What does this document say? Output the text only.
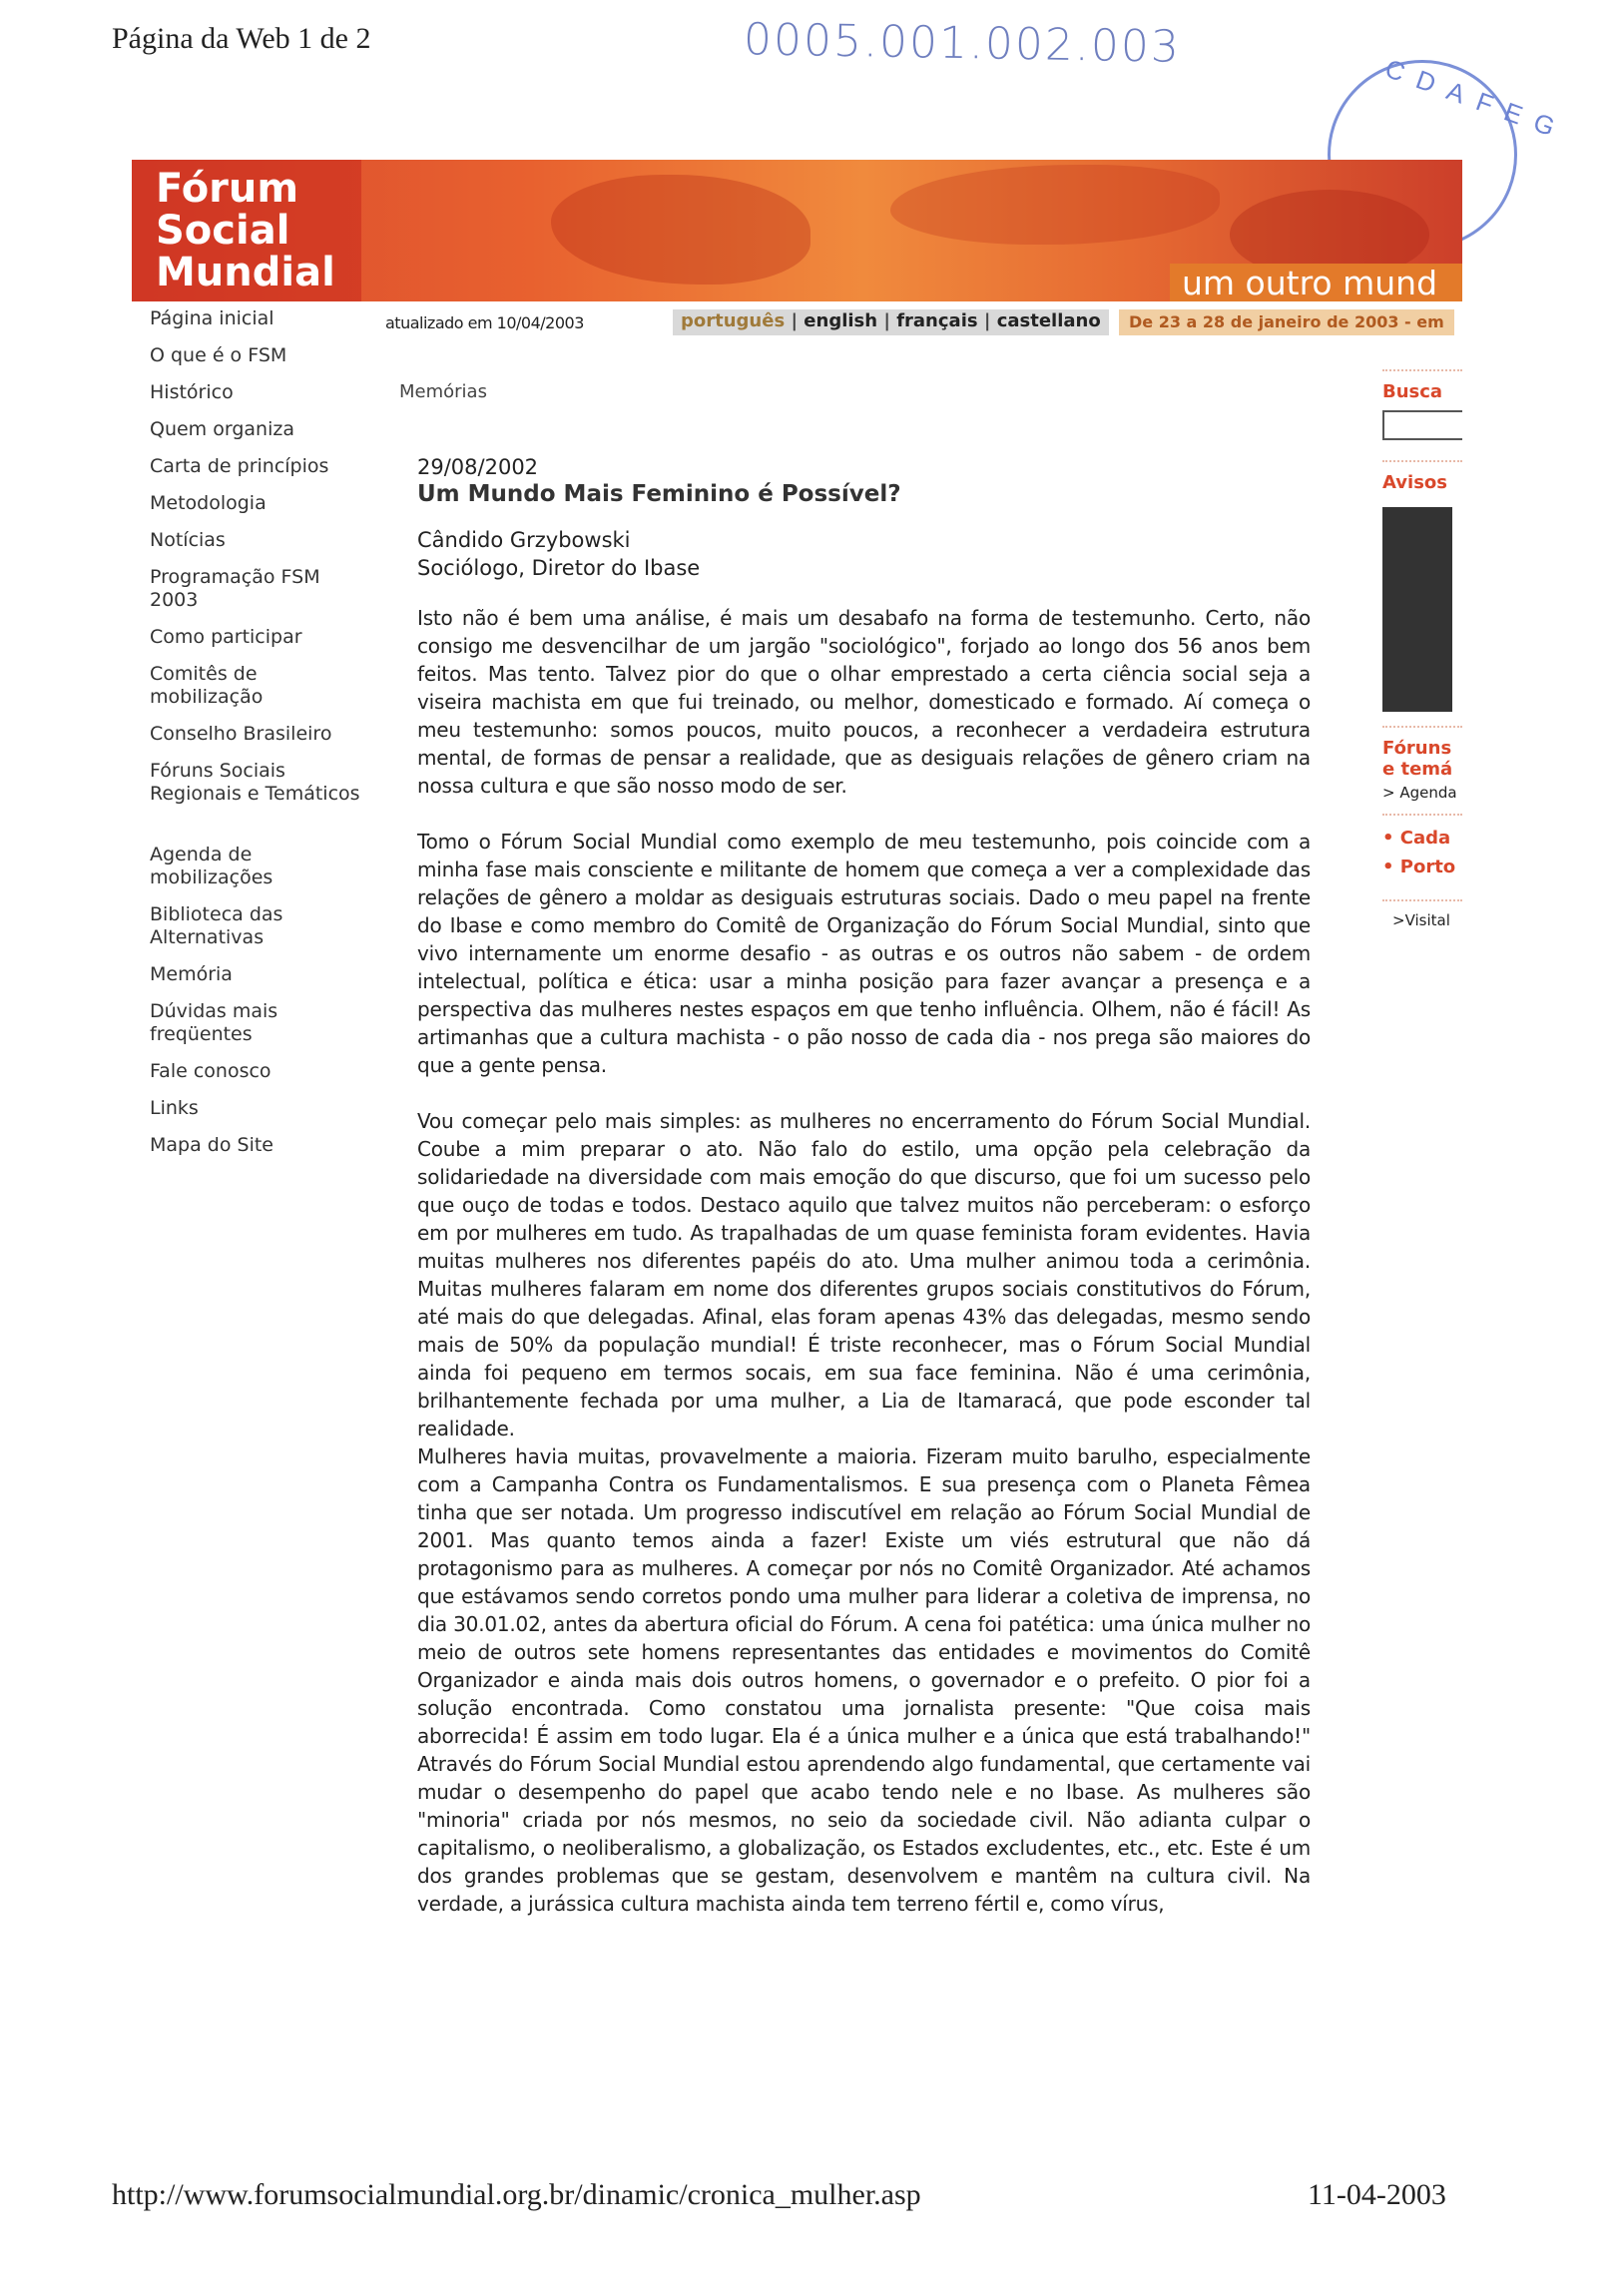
Página da Web 1 de 2	0005.001.002.003
CDAFEG
Fórum
Social
Mundial	um outro mund
Página inicial
O que é o FSM
Histórico
Quem organiza
Carta de princípios
Metodologia
Notícias
Programação FSM 2003
Como participar
Comitês de mobilização
Conselho Brasileiro
Fóruns Sociais Regionais e Temáticos
Agenda de mobilizações
Biblioteca das Alternativas
Memória
Dúvidas mais freqüentes
Fale conosco
Links
Mapa do Site
atualizado em 10/04/2003	português | english | français | castellano	De 23 a 28 de janeiro de 2003 - em
Memórias	Busca
Avisos
Fóruns
e temá
> Agenda
• Cada
• Porto
>Visital
29/08/2002
Um Mundo Mais Feminino é Possível?
Cândido Grzybowski
Sociólogo, Diretor do Ibase

Isto não é bem uma análise, é mais um desabafo na forma de testemunho. Certo, não consigo me desvencilhar de um jargão "sociológico", forjado ao longo dos 56 anos bem feitos. Mas tento. Talvez pior do que o olhar emprestado a certa ciência social seja a viseira machista em que fui treinado, ou melhor, domesticado e formado. Aí começa o meu testemunho: somos poucos, muito poucos, a reconhecer a verdadeira estrutura mental, de formas de pensar a realidade, que as desiguais relações de gênero criam na nossa cultura e que são nosso modo de ser.

Tomo o Fórum Social Mundial como exemplo de meu testemunho, pois coincide com a minha fase mais consciente e militante de homem que começa a ver a complexidade das relações de gênero a moldar as desiguais estruturas sociais. Dado o meu papel na frente do Ibase e como membro do Comitê de Organização do Fórum Social Mundial, sinto que vivo internamente um enorme desafio - as outras e os outros não sabem - de ordem intelectual, política e ética: usar a minha posição para fazer avançar a presença e a perspectiva das mulheres nestes espaços em que tenho influência. Olhem, não é fácil! As artimanhas que a cultura machista - o pão nosso de cada dia - nos prega são maiores do que a gente pensa.

Vou começar pelo mais simples: as mulheres no encerramento do Fórum Social Mundial. Coube a mim preparar o ato. Não falo do estilo, uma opção pela celebração da solidariedade na diversidade com mais emoção do que discurso, que foi um sucesso pelo que ouço de todas e todos. Destaco aquilo que talvez muitos não perceberam: o esforço em por mulheres em tudo. As trapalhadas de um quase feminista foram evidentes. Havia muitas mulheres nos diferentes papéis do ato. Uma mulher animou toda a cerimônia. Muitas mulheres falaram em nome dos diferentes grupos sociais constitutivos do Fórum, até mais do que delegadas. Afinal, elas foram apenas 43% das delegadas, mesmo sendo mais de 50% da população mundial! É triste reconhecer, mas o Fórum Social Mundial ainda foi pequeno em termos socais, em sua face feminina. Não é uma cerimônia, brilhantemente fechada por uma mulher, a Lia de Itamaracá, que pode esconder tal realidade.

Mulheres havia muitas, provavelmente a maioria. Fizeram muito barulho, especialmente com a Campanha Contra os Fundamentalismos. E sua presença com o Planeta Fêmea tinha que ser notada. Um progresso indiscutível em relação ao Fórum Social Mundial de 2001. Mas quanto temos ainda a fazer! Existe um viés estrutural que não dá protagonismo para as mulheres. A começar por nós no Comitê Organizador. Até achamos que estávamos sendo corretos pondo uma mulher para liderar a coletiva de imprensa, no dia 30.01.02, antes da abertura oficial do Fórum. A cena foi patética: uma única mulher no meio de outros sete homens representantes das entidades e movimentos do Comitê Organizador e ainda mais dois outros homens, o governador e o prefeito. O pior foi a solução encontrada. Como constatou uma jornalista presente: "Que coisa mais aborrecida! É assim em todo lugar. Ela é a única mulher e a única que está trabalhando!" Através do Fórum Social Mundial estou aprendendo algo fundamental, que certamente vai mudar o desempenho do papel que acabo tendo nele e no Ibase. As mulheres são "minoria" criada por nós mesmos, no seio da sociedade civil. Não adianta culpar o capitalismo, o neoliberalismo, a globalização, os Estados excludentes, etc., etc. Este é um dos grandes problemas que se gestam, desenvolvem e mantêm na cultura civil. Na verdade, a jurássica cultura machista ainda tem terreno fértil e, como vírus,

http://www.forumsocialmundial.org.br/dinamic/cronica_mulher.asp	11-04-2003
